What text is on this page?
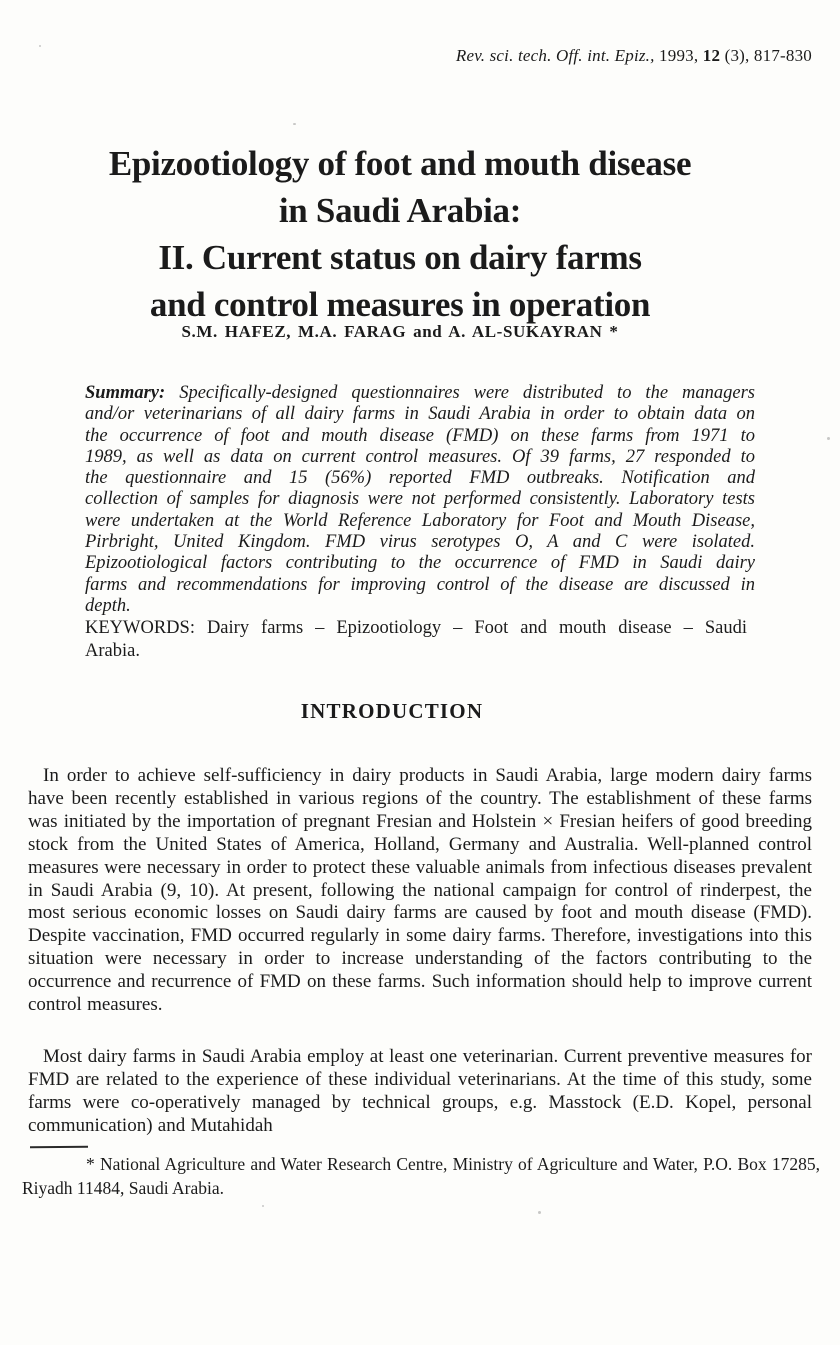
Rev. sci. tech. Off. int. Epiz., 1993, 12 (3), 817-830
Epizootiology of foot and mouth disease
in Saudi Arabia:
II. Current status on dairy farms
and control measures in operation
S.M. HAFEZ, M.A. FARAG and A. AL-SUKAYRAN *

Summary: Specifically-designed questionnaires were distributed to the managers and/or veterinarians of all dairy farms in Saudi Arabia in order to obtain data on the occurrence of foot and mouth disease (FMD) on these farms from 1971 to 1989, as well as data on current control measures. Of 39 farms, 27 responded to the questionnaire and 15 (56%) reported FMD outbreaks. Notification and collection of samples for diagnosis were not performed consistently. Laboratory tests were undertaken at the World Reference Laboratory for Foot and Mouth Disease, Pirbright, United Kingdom. FMD virus serotypes O, A and C were isolated. Epizootiological factors contributing to the occurrence of FMD in Saudi dairy farms and recommendations for improving control of the disease are discussed in depth.

KEYWORDS: Dairy farms – Epizootiology – Foot and mouth disease – Saudi Arabia.

INTRODUCTION

In order to achieve self-sufficiency in dairy products in Saudi Arabia, large modern dairy farms have been recently established in various regions of the country. The establishment of these farms was initiated by the importation of pregnant Fresian and Holstein × Fresian heifers of good breeding stock from the United States of America, Holland, Germany and Australia. Well-planned control measures were necessary in order to protect these valuable animals from infectious diseases prevalent in Saudi Arabia (9, 10). At present, following the national campaign for control of rinderpest, the most serious economic losses on Saudi dairy farms are caused by foot and mouth disease (FMD). Despite vaccination, FMD occurred regularly in some dairy farms. Therefore, investigations into this situation were necessary in order to increase understanding of the factors contributing to the occurrence and recurrence of FMD on these farms. Such information should help to improve current control measures.

Most dairy farms in Saudi Arabia employ at least one veterinarian. Current preventive measures for FMD are related to the experience of these individual veterinarians. At the time of this study, some farms were co-operatively managed by technical groups, e.g. Masstock (E.D. Kopel, personal communication) and Mutahidah

* National Agriculture and Water Research Centre, Ministry of Agriculture and Water, P.O. Box 17285, Riyadh 11484, Saudi Arabia.
